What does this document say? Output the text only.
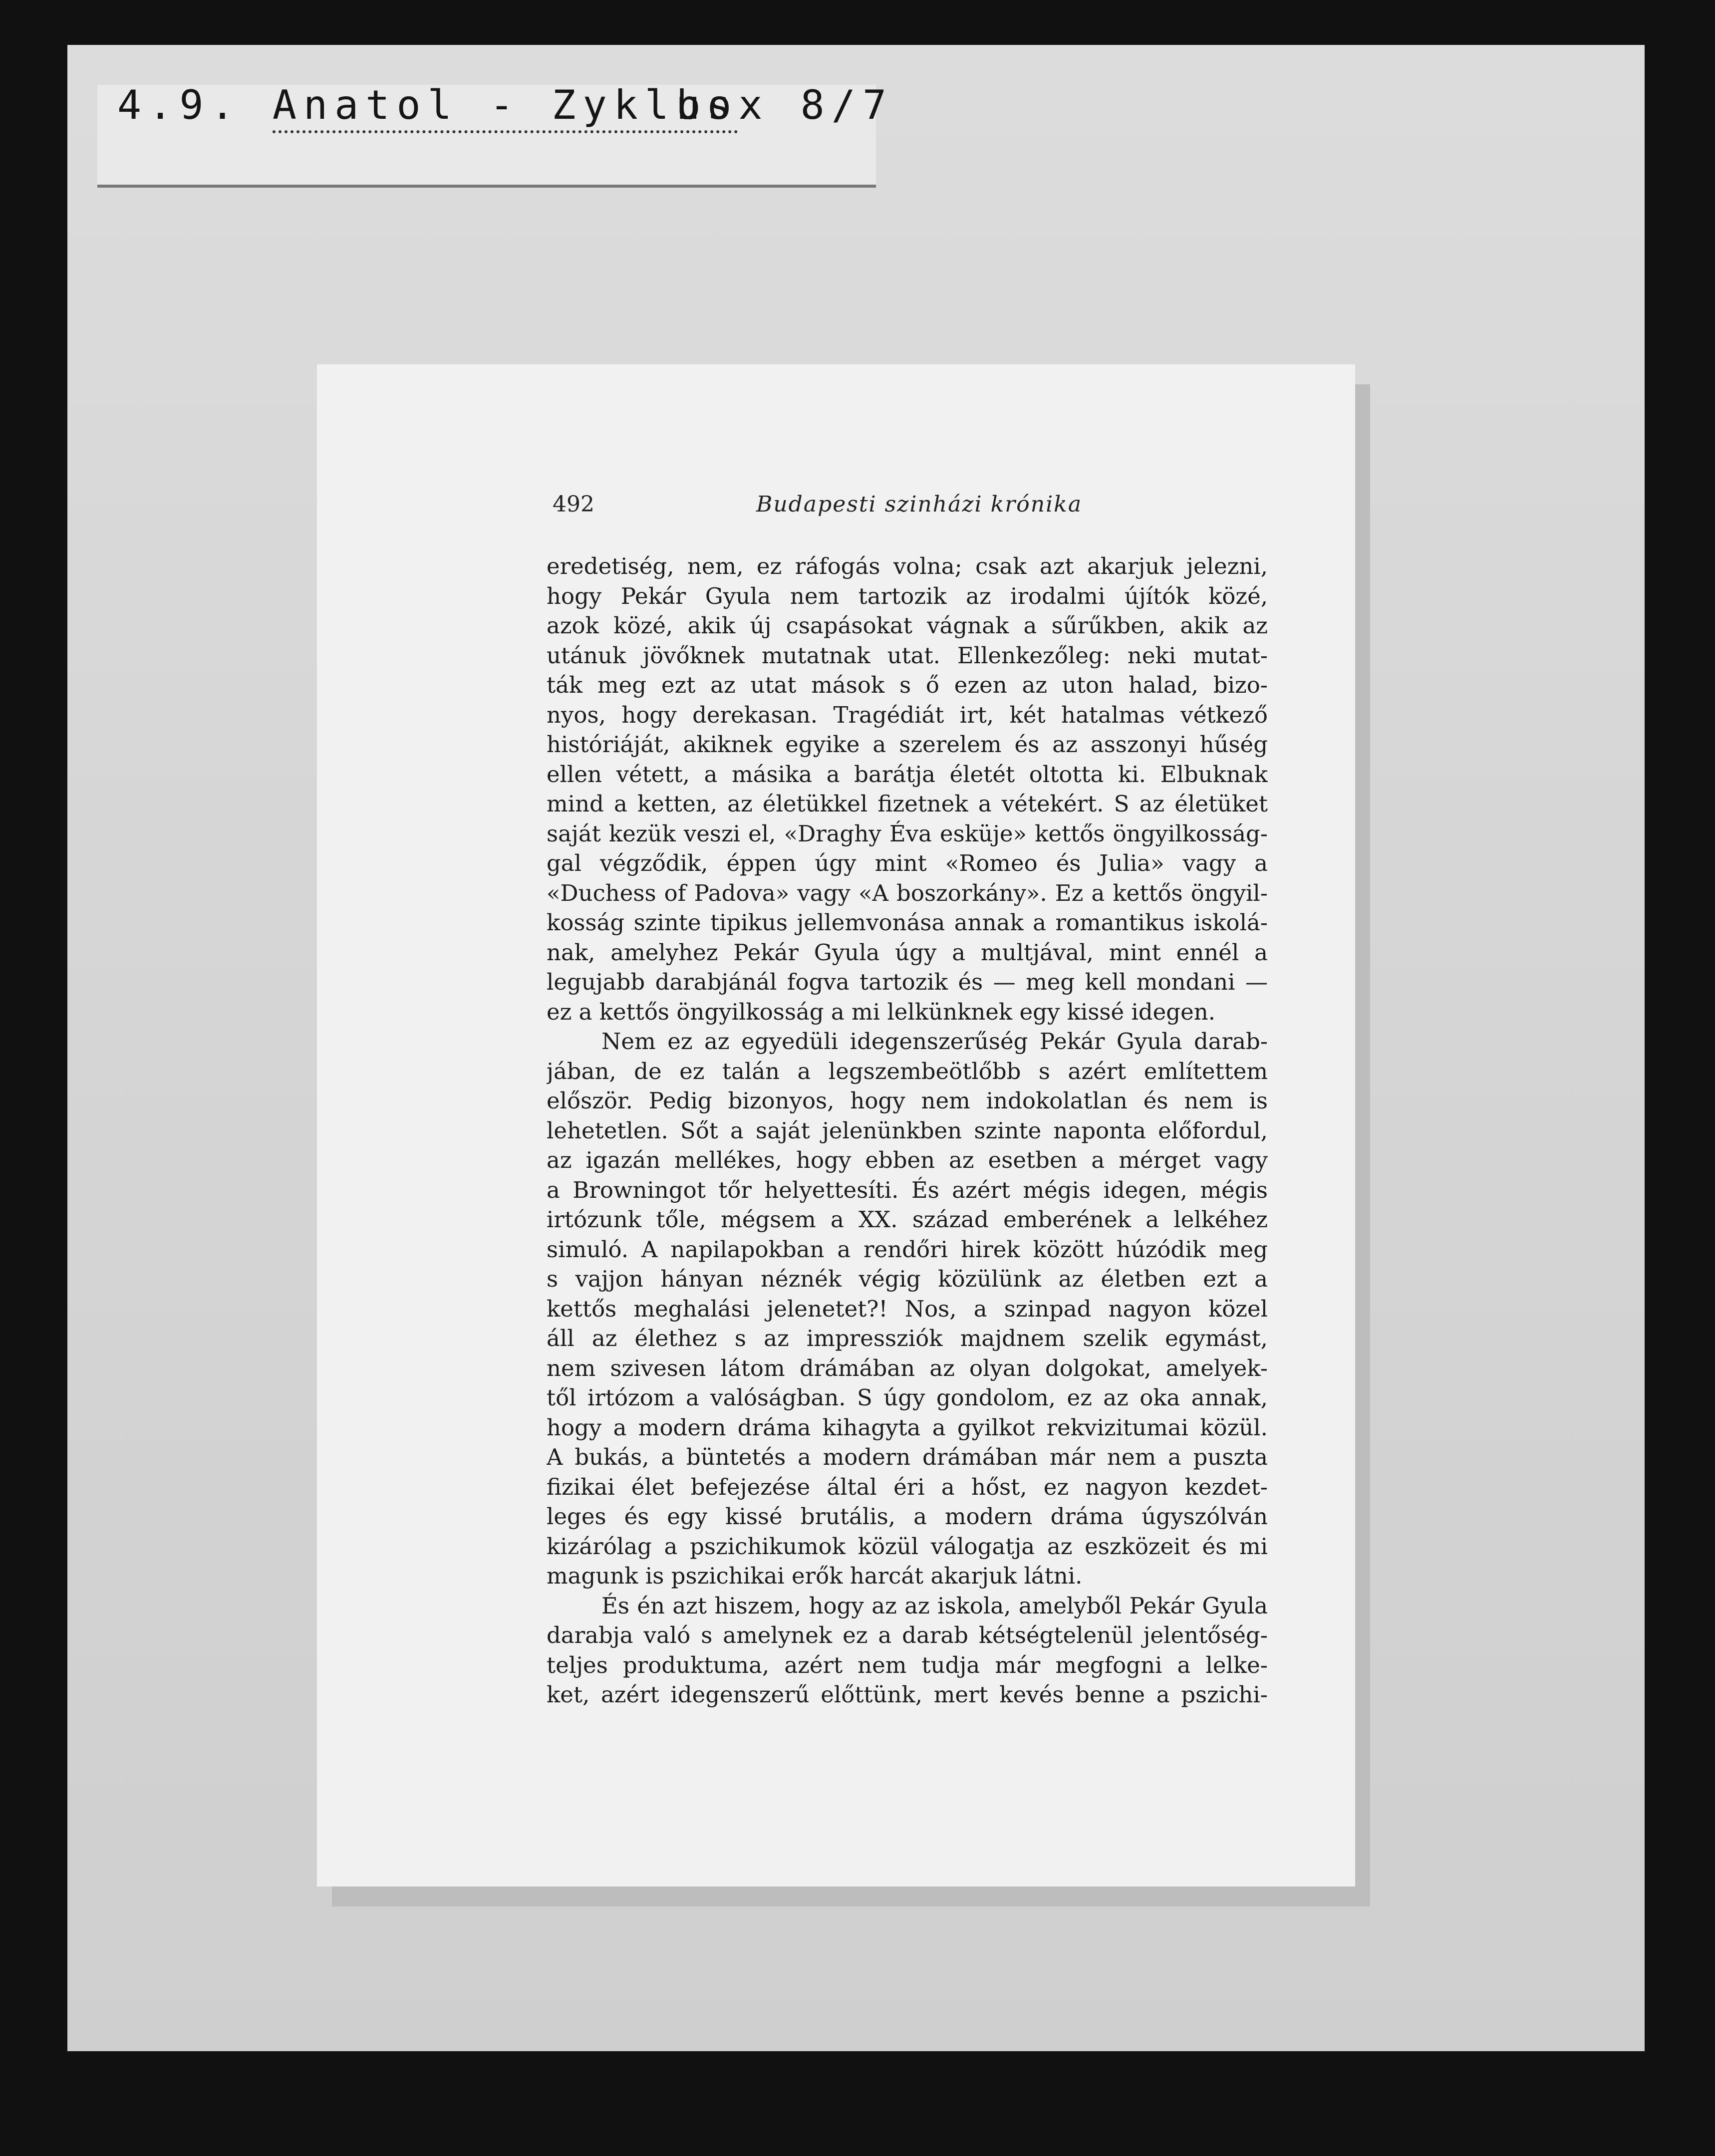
4.9. Anatol - Zyklus
box 8/7
492	Budapesti szinházi krónika
eredetiség, nem, ez ráfogás volna; csak azt akarjuk jelezni,
hogy Pekár Gyula nem tartozik az irodalmi újítók közé,
azok közé, akik új csapásokat vágnak a sűrűkben, akik az
utánuk jövőknek mutatnak utat. Ellenkezőleg: neki mutat-
ták meg ezt az utat mások s ő ezen az uton halad, bizo-
nyos, hogy derekasan. Tragédiát irt, két hatalmas vétkező
históriáját, akiknek egyike a szerelem és az asszonyi hűség
ellen vétett, a másika a barátja életét oltotta ki. Elbuknak
mind a ketten, az életükkel fizetnek a vétekért. S az életüket
saját kezük veszi el, «Draghy Éva esküje» kettős öngyilkosság-
gal végződik, éppen úgy mint «Romeo és Julia» vagy a
«Duchess of Padova» vagy «A boszorkány». Ez a kettős öngyil-
kosság szinte tipikus jellemvonása annak a romantikus iskolá-
nak, amelyhez Pekár Gyula úgy a multjával, mint ennél a
legujabb darabjánál fogva tartozik és — meg kell mondani —
ez a kettős öngyilkosság a mi lelkünknek egy kissé idegen.
Nem ez az egyedüli idegenszerűség Pekár Gyula darab-
jában, de ez talán a legszembeötlőbb s azért említettem
először. Pedig bizonyos, hogy nem indokolatlan és nem is
lehetetlen. Sőt a saját jelenünkben szinte naponta előfordul,
az igazán mellékes, hogy ebben az esetben a mérget vagy
a Browningot tőr helyettesíti. És azért mégis idegen, mégis
irtózunk tőle, mégsem a XX. század emberének a lelkéhez
simuló. A napilapokban a rendőri hirek között húzódik meg
s vajjon hányan néznék végig közülünk az életben ezt a
kettős meghalási jelenetet?! Nos, a szinpad nagyon közel
áll az élethez s az impressziók majdnem szelik egymást,
nem szivesen látom drámában az olyan dolgokat, amelyek-
től irtózom a valóságban. S úgy gondolom, ez az oka annak,
hogy a modern dráma kihagyta a gyilkot rekvizitumai közül.
A bukás, a büntetés a modern drámában már nem a puszta
fizikai élet befejezése által éri a hőst, ez nagyon kezdet-
leges és egy kissé brutális, a modern dráma úgyszólván
kizárólag a pszichikumok közül válogatja az eszközeit és mi
magunk is pszichikai erők harcát akarjuk látni.
És én azt hiszem, hogy az az iskola, amelyből Pekár Gyula
darabja való s amelynek ez a darab kétségtelenül jelentőség-
teljes produktuma, azért nem tudja már megfogni a lelke-
ket, azért idegenszerű előttünk, mert kevés benne a pszichi-
